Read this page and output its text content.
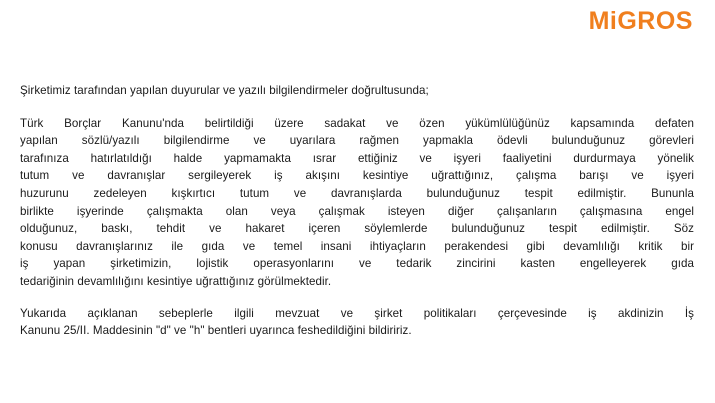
MiGROS

Şirketimiz tarafından yapılan duyurular ve yazılı bilgilendirmeler doğrultusunda;

Türk Borçlar Kanunu'nda belirtildiği üzere sadakat ve özen yükümlülüğünüz kapsamında defaten
yapılan sözlü/yazılı bilgilendirme ve uyarılara rağmen yapmakla ödevli bulunduğunuz görevleri
tarafınıza hatırlatıldığı halde yapmamakta ısrar ettiğiniz ve işyeri faaliyetini durdurmaya yönelik
tutum ve davranışlar sergileyerek iş akışını kesintiye uğrattığınız, çalışma barışı ve işyeri
huzurunu zedeleyen kışkırtıcı tutum ve davranışlarda bulunduğunuz tespit edilmiştir. Bununla
birlikte işyerinde çalışmakta olan veya çalışmak isteyen diğer çalışanların çalışmasına engel
olduğunuz, baskı, tehdit ve hakaret içeren söylemlerde bulunduğunuz tespit edilmiştir. Söz
konusu davranışlarınız ile gıda ve temel insani ihtiyaçların perakendesi gibi devamlılığı kritik bir
iş yapan şirketimizin, lojistik operasyonlarını ve tedarik zincirini kasten engelleyerek gıda
tedariğinin devamlılığını kesintiye uğrattığınız görülmektedir.
Yukarıda açıklanan sebeplerle ilgili mevzuat ve şirket politikaları çerçevesinde iş akdinizin İş
Kanunu 25/II. Maddesinin "d" ve "h" bentleri uyarınca feshedildiğini bildiririz.
